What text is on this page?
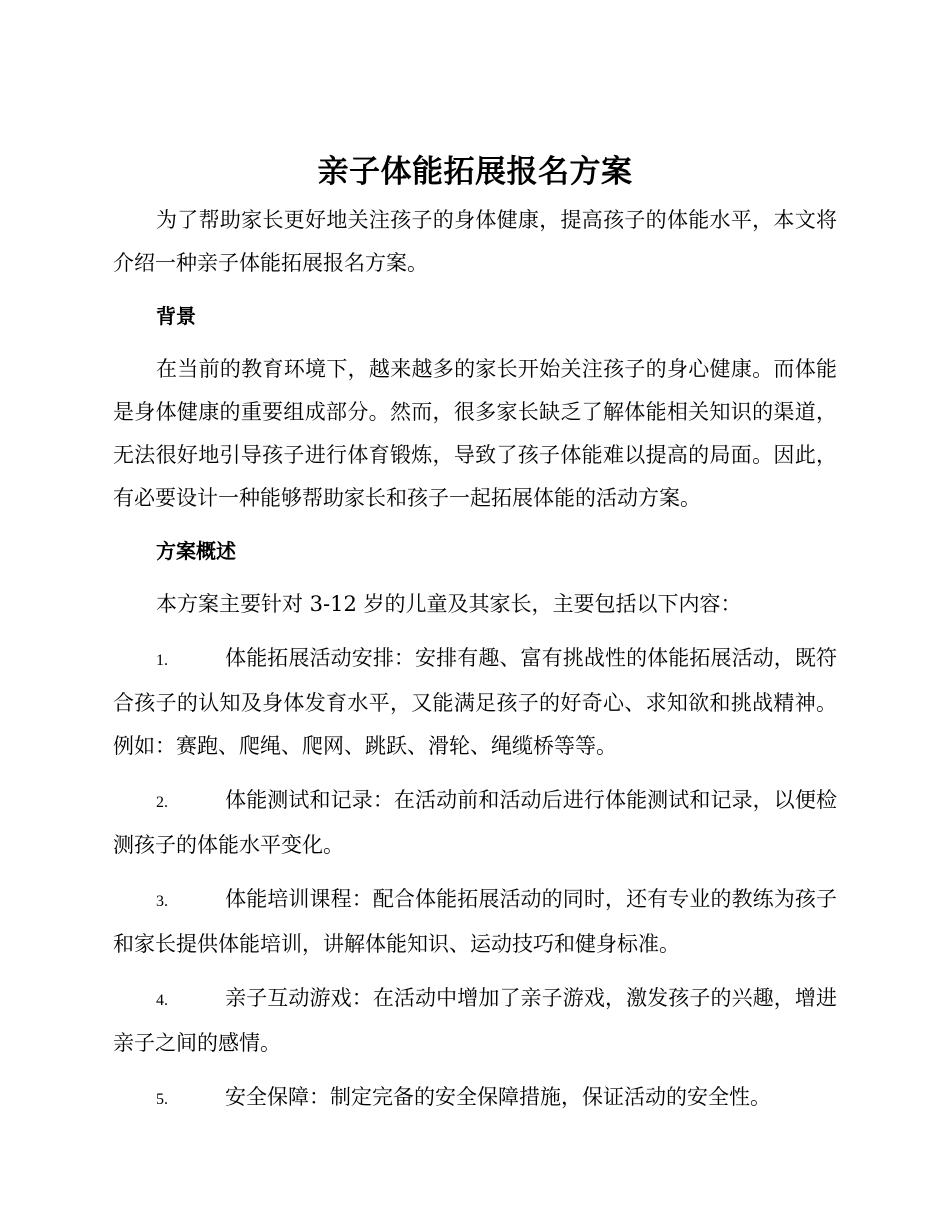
亲子体能拓展报名方案

为了帮助家长更好地关注孩子的身体健康，提高孩子的体能水平，本文将介绍一种亲子体能拓展报名方案。

背景

在当前的教育环境下，越来越多的家长开始关注孩子的身心健康。而体能是身体健康的重要组成部分。然而，很多家长缺乏了解体能相关知识的渠道，无法很好地引导孩子进行体育锻炼，导致了孩子体能难以提高的局面。因此，有必要设计一种能够帮助家长和孩子一起拓展体能的活动方案。

方案概述

本方案主要针对 3-12 岁的儿童及其家长，主要包括以下内容：

1.	体能拓展活动安排：安排有趣、富有挑战性的体能拓展活动，既符合孩子的认知及身体发育水平，又能满足孩子的好奇心、求知欲和挑战精神。例如：赛跑、爬绳、爬网、跳跃、滑轮、绳缆桥等等。
2.	体能测试和记录：在活动前和活动后进行体能测试和记录，以便检测孩子的体能水平变化。
3.	体能培训课程：配合体能拓展活动的同时，还有专业的教练为孩子和家长提供体能培训，讲解体能知识、运动技巧和健身标准。
4.	亲子互动游戏：在活动中增加了亲子游戏，激发孩子的兴趣，增进亲子之间的感情。
5.	安全保障：制定完备的安全保障措施，保证活动的安全性。
